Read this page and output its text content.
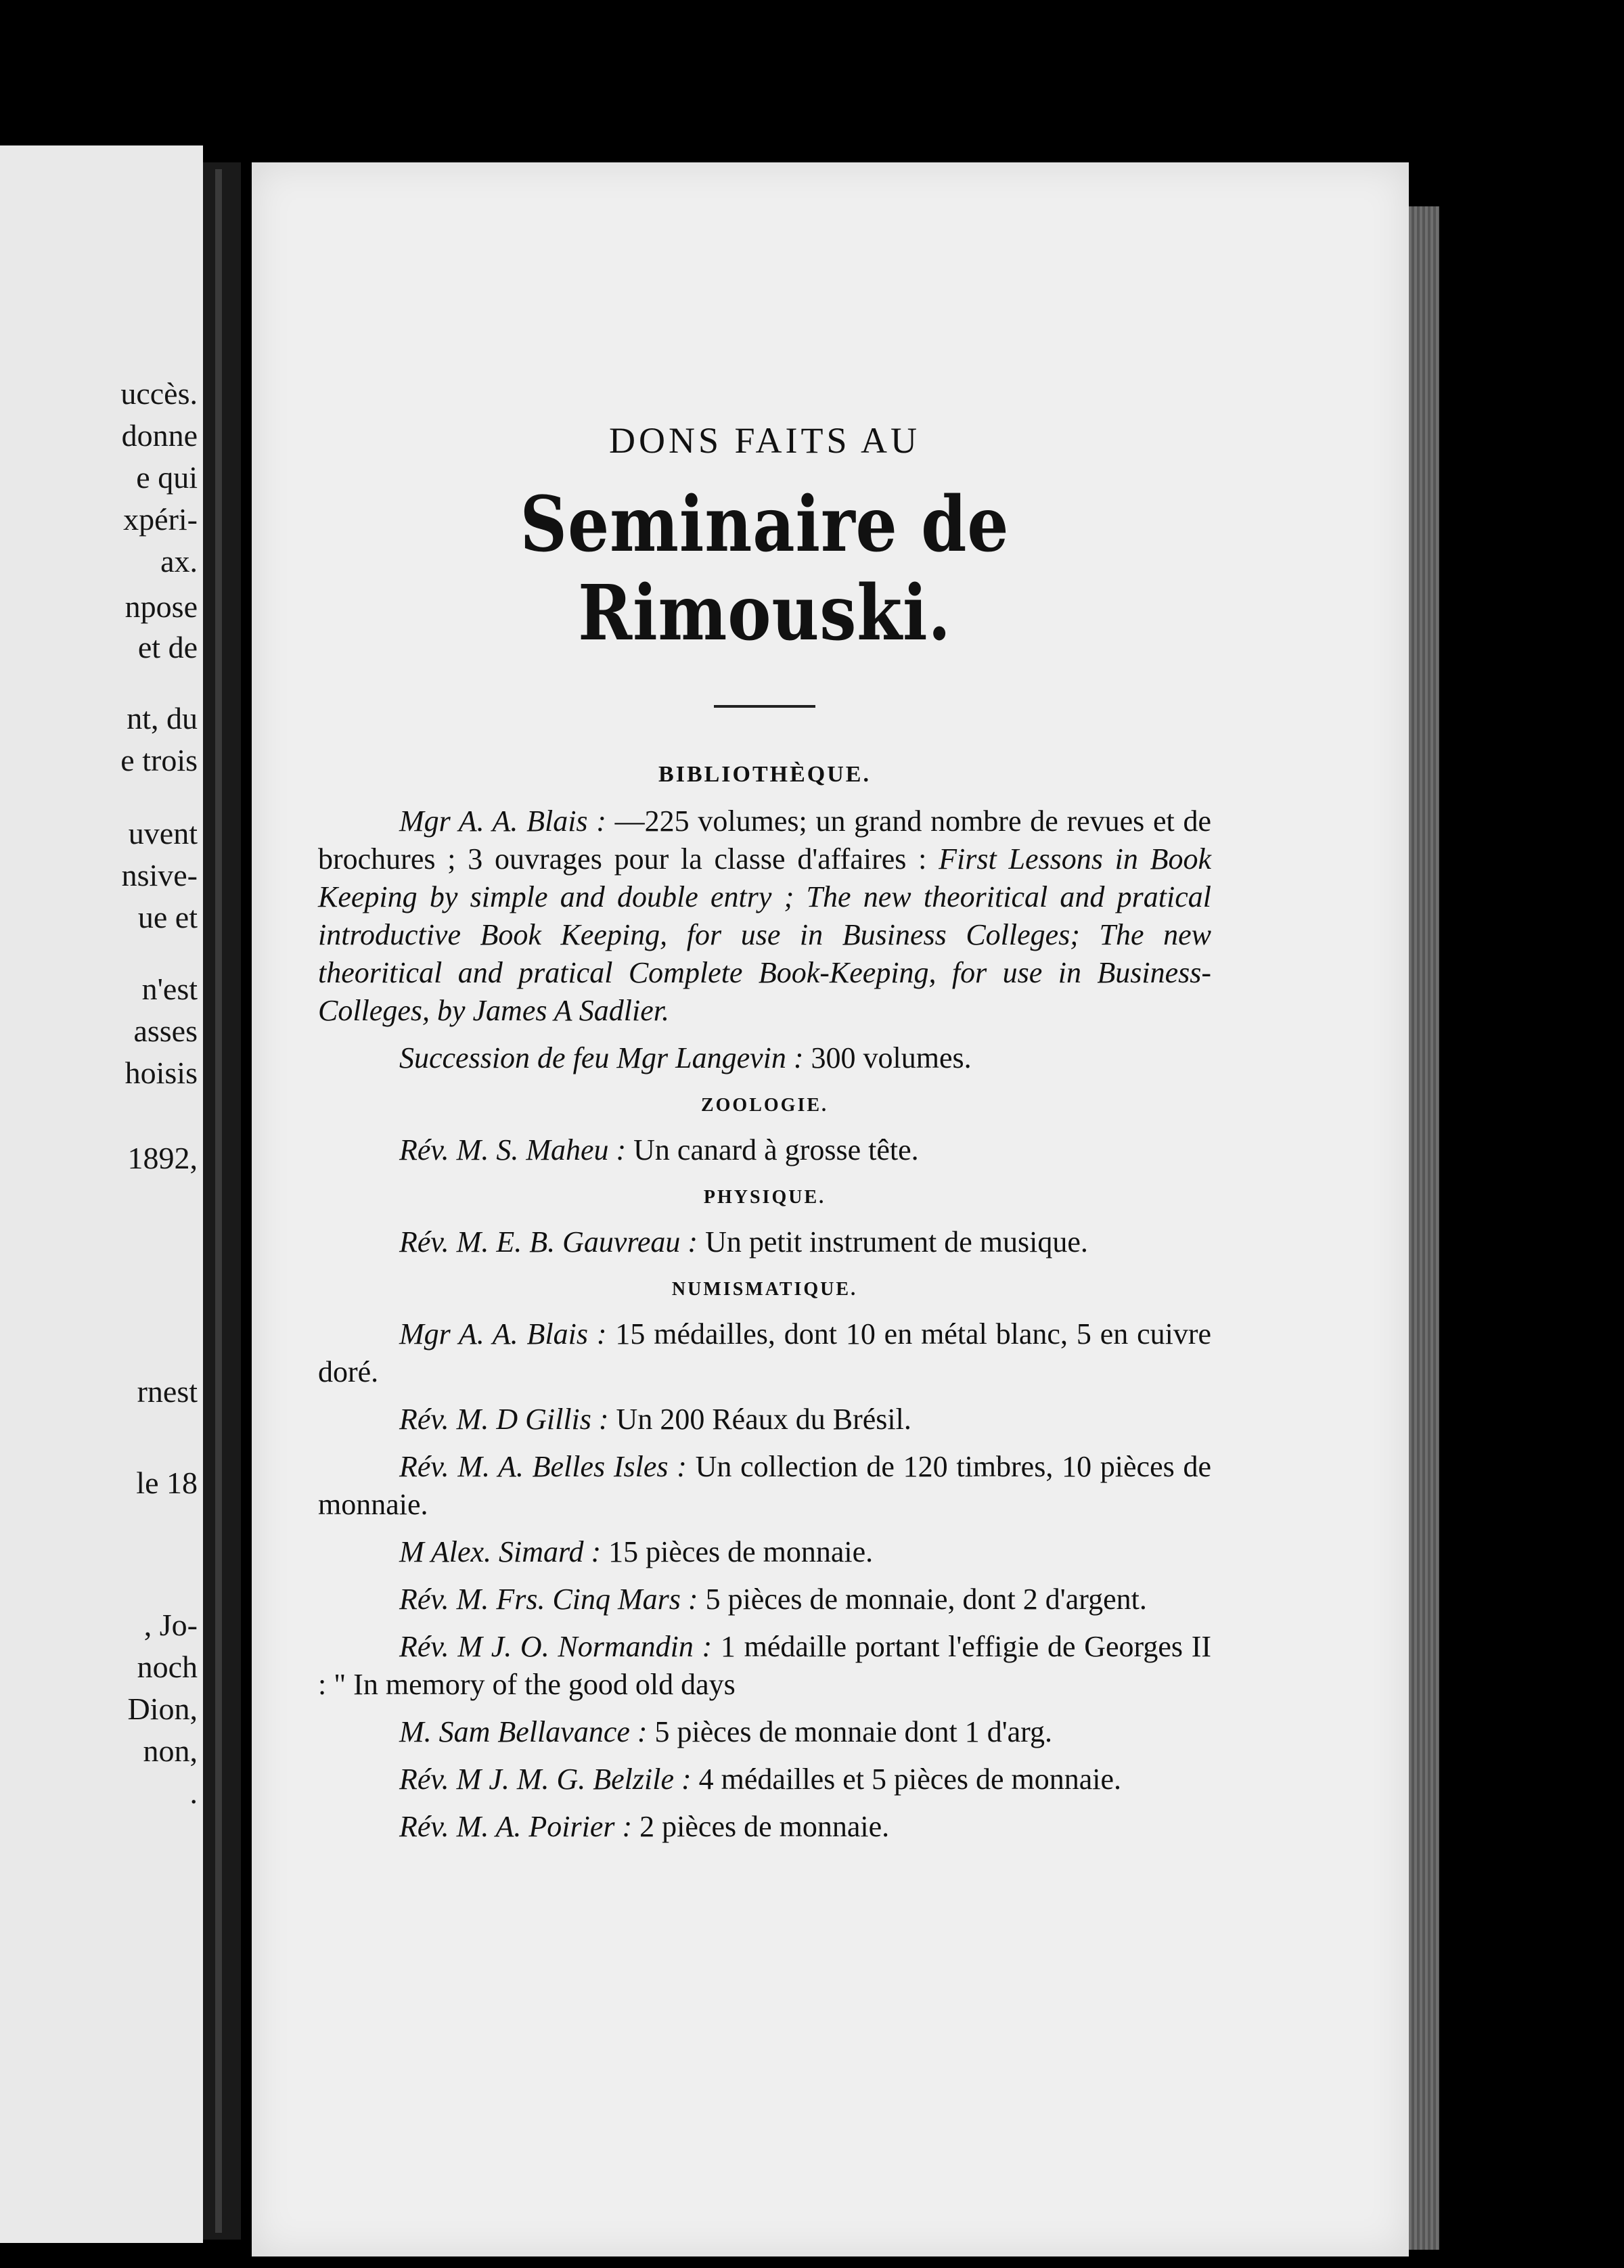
uccès.
donne
e qui
xpéri-
ax.
npose
et de
nt, du
e trois
uvent
nsive-
ue et
n'est
asses
hoisis
1892,
rnest
le 18
, Jo-
noch
Dion,
non,
.
DONS FAITS AU
Seminaire de Rimouski.
BIBLIOTHÈQUE.

Mgr A. A. Blais : —225 volumes; un grand nombre de revues et de brochures ; 3 ouvrages pour la classe d'affaires : First Lessons in Book Keeping by simple and double entry ; The new theoritical and pratical introductive Book Keeping, for use in Business Colleges; The new theoritical and pratical Complete Book-Keeping, for use in Business-Colleges, by James A Sadlier.

Succession de feu Mgr Langevin : 300 volumes.

ZOOLOGIE.

Rév. M. S. Maheu : Un canard à grosse tête.

PHYSIQUE.

Rév. M. E. B. Gauvreau : Un petit instrument de musique.

NUMISMATIQUE.

Mgr A. A. Blais : 15 médailles, dont 10 en métal blanc, 5 en cuivre doré.

Rév. M. D Gillis : Un 200 Réaux du Brésil.

Rév. M. A. Belles Isles : Un collection de 120 timbres, 10 pièces de monnaie.

M Alex. Simard : 15 pièces de monnaie.

Rév. M. Frs. Cinq Mars : 5 pièces de monnaie, dont 2 d'argent.

Rév. M J. O. Normandin : 1 médaille portant l'effigie de Georges II : " In memory of the good old days

M. Sam Bellavance : 5 pièces de monnaie dont 1 d'arg.

Rév. M J. M. G. Belzile : 4 médailles et 5 pièces de monnaie.

Rév. M. A. Poirier : 2 pièces de monnaie.
